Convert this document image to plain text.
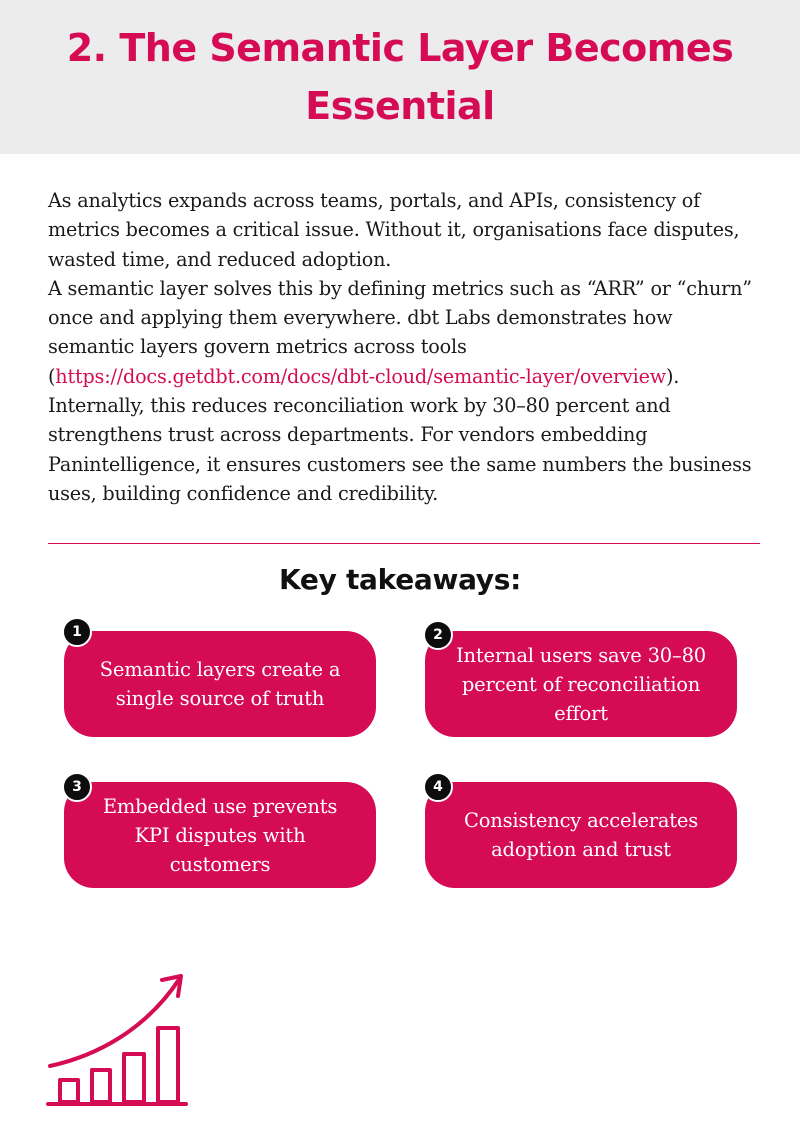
2. The Semantic Layer Becomes Essential

As analytics expands across teams, portals, and APIs, consistency of metrics becomes a critical issue. Without it, organisations face disputes, wasted time, and reduced adoption.

A semantic layer solves this by defining metrics such as “ARR” or “churn” once and applying them everywhere. dbt Labs demonstrates how semantic layers govern metrics across tools (https://docs.getdbt.com/docs/dbt-cloud/semantic-layer/overview). Internally, this reduces reconciliation work by 30–80 percent and strengthens trust across departments. For vendors embedding Panintelligence, it ensures customers see the same numbers the business uses, building confidence and credibility.

Key takeaways:
Semantic layers create a single source of truth
1
Internal users save 30–80 percent of reconciliation effort
2
Embedded use prevents KPI disputes with customers
3
Consistency accelerates adoption and trust
4
